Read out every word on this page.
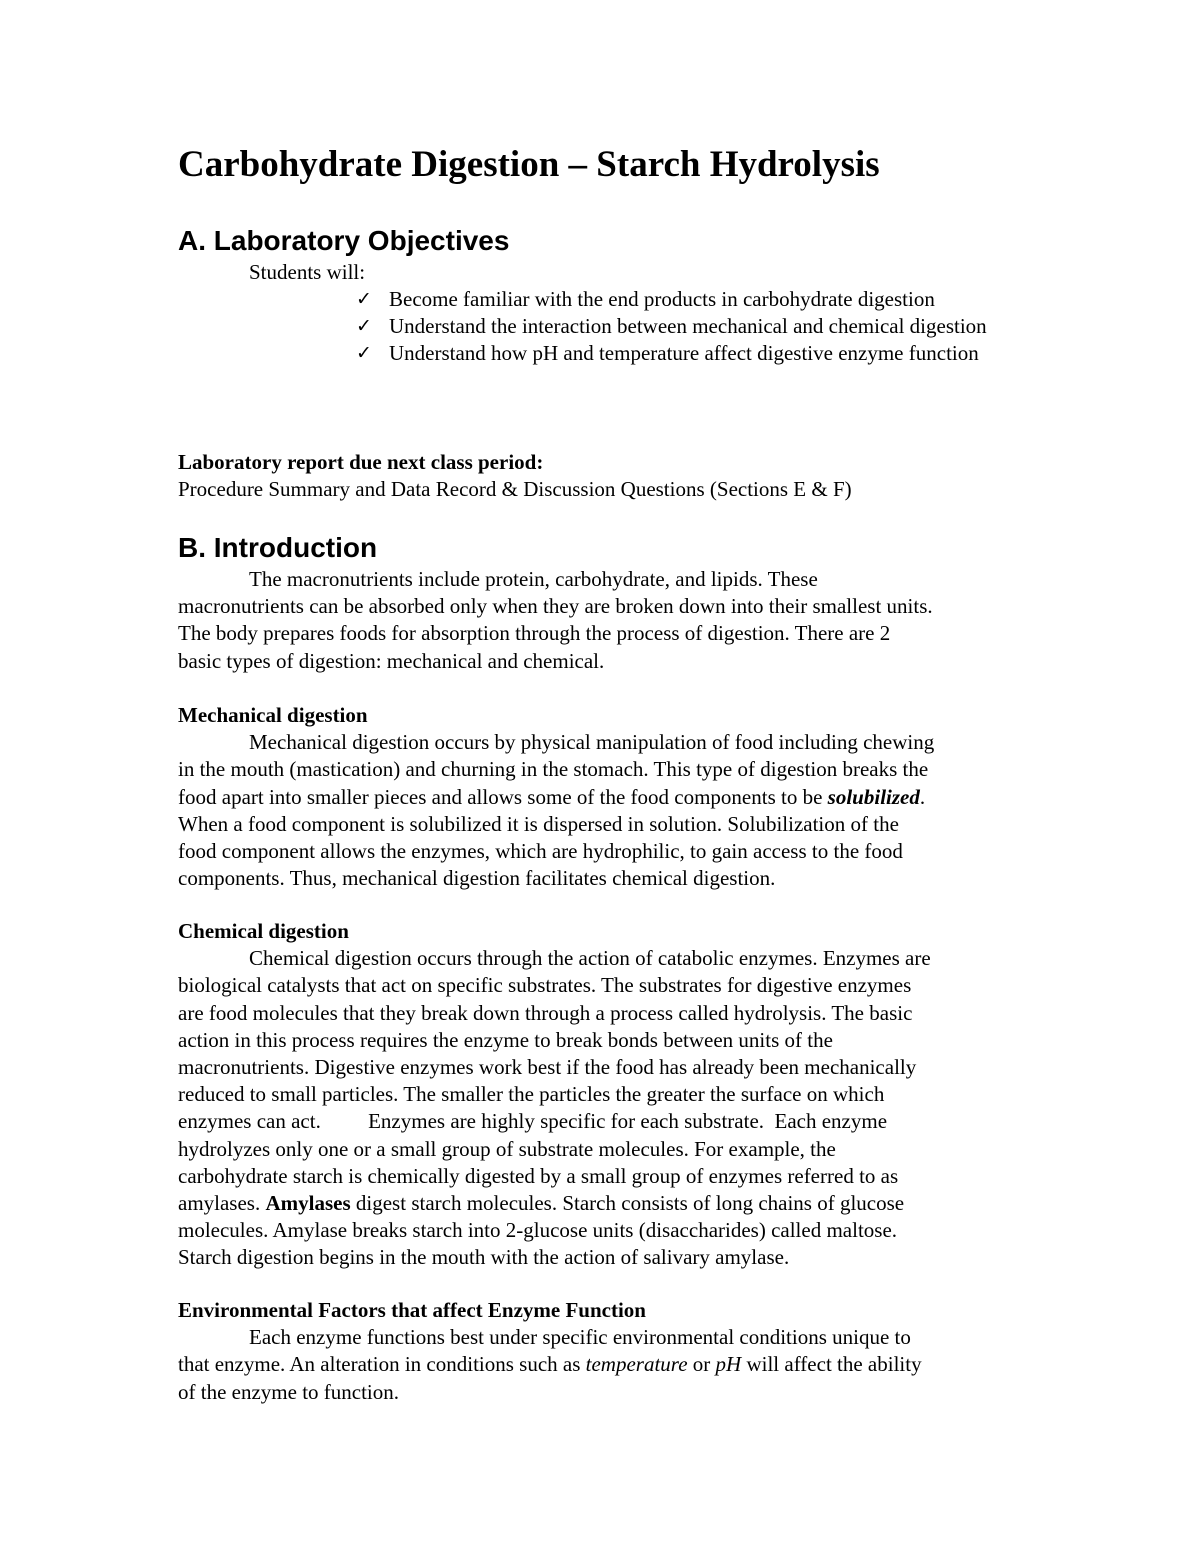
Carbohydrate Digestion – Starch Hydrolysis
A. Laboratory Objectives
Students will:
✓ Become familiar with the end products in carbohydrate digestion
✓ Understand the interaction between mechanical and chemical digestion
✓ Understand how pH and temperature affect digestive enzyme function
Laboratory report due next class period:
Procedure Summary and Data Record & Discussion Questions (Sections E & F)
B. Introduction
The macronutrients include protein, carbohydrate, and lipids. These
macronutrients can be absorbed only when they are broken down into their smallest units.
The body prepares foods for absorption through the process of digestion. There are 2
basic types of digestion: mechanical and chemical.
Mechanical digestion
Mechanical digestion occurs by physical manipulation of food including chewing
in the mouth (mastication) and churning in the stomach. This type of digestion breaks the
food apart into smaller pieces and allows some of the food components to be solubilized.
When a food component is solubilized it is dispersed in solution. Solubilization of the
food component allows the enzymes, which are hydrophilic, to gain access to the food
components. Thus, mechanical digestion facilitates chemical digestion.
Chemical digestion
Chemical digestion occurs through the action of catabolic enzymes. Enzymes are
biological catalysts that act on specific substrates. The substrates for digestive enzymes
are food molecules that they break down through a process called hydrolysis. The basic
action in this process requires the enzyme to break bonds between units of the
macronutrients. Digestive enzymes work best if the food has already been mechanically
reduced to small particles. The smaller the particles the greater the surface on which
enzymes can act.         Enzymes are highly specific for each substrate.  Each enzyme
hydrolyzes only one or a small group of substrate molecules. For example, the
carbohydrate starch is chemically digested by a small group of enzymes referred to as
amylases. Amylases digest starch molecules. Starch consists of long chains of glucose
molecules. Amylase breaks starch into 2-glucose units (disaccharides) called maltose.
Starch digestion begins in the mouth with the action of salivary amylase.
Environmental Factors that affect Enzyme Function
Each enzyme functions best under specific environmental conditions unique to
that enzyme. An alteration in conditions such as temperature or pH will affect the ability
of the enzyme to function.
